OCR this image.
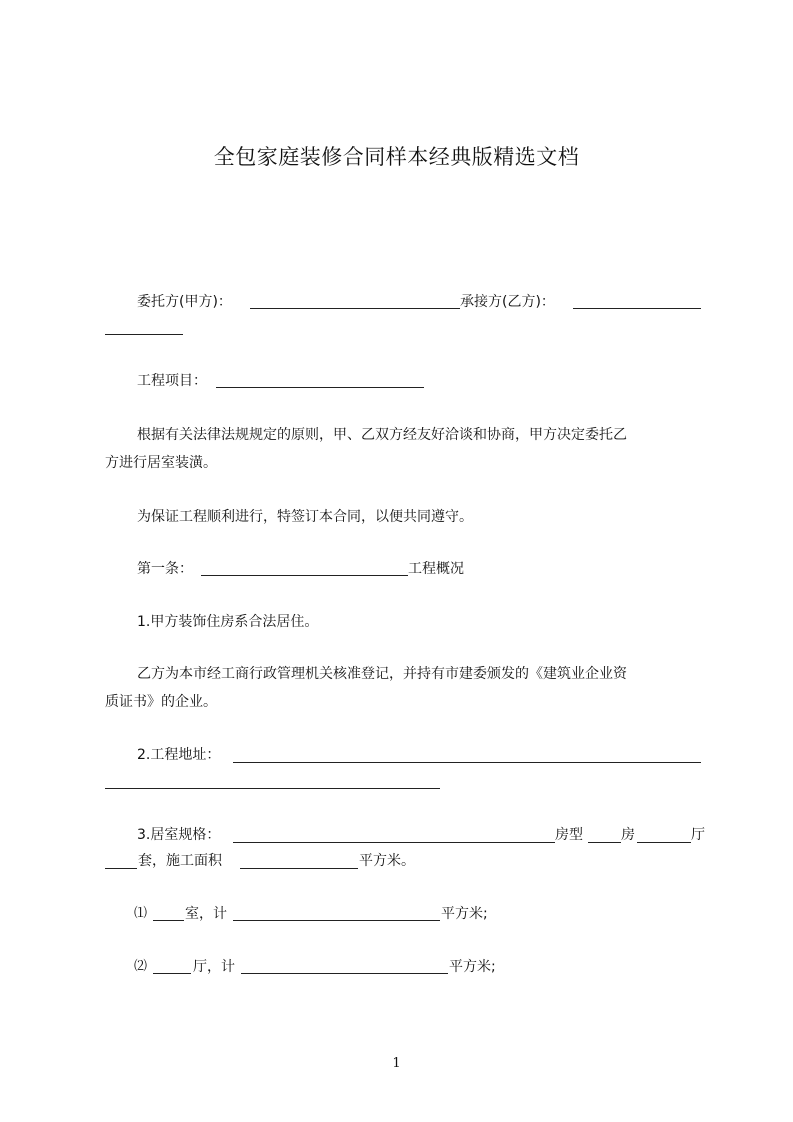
全包家庭装修合同样本经典版精选文档
委托方(甲方)：	承接方(乙方)：
工程项目：
根据有关法律法规规定的原则，甲、乙双方经友好洽谈和协商，甲方决定委托乙
方进行居室装潢。
为保证工程顺利进行，特签订本合同，以便共同遵守。
第一条：	工程概况
1.甲方装饰住房系合法居住。
乙方为本市经工商行政管理机关核准登记，并持有市建委颁发的《建筑业企业资
质证书》的企业。
2.工程地址：
3.居室规格：	房型	房	厅
套，施工面积	平方米。
⑴	室，计	平方米;
⑵	厅，计	平方米;
1
